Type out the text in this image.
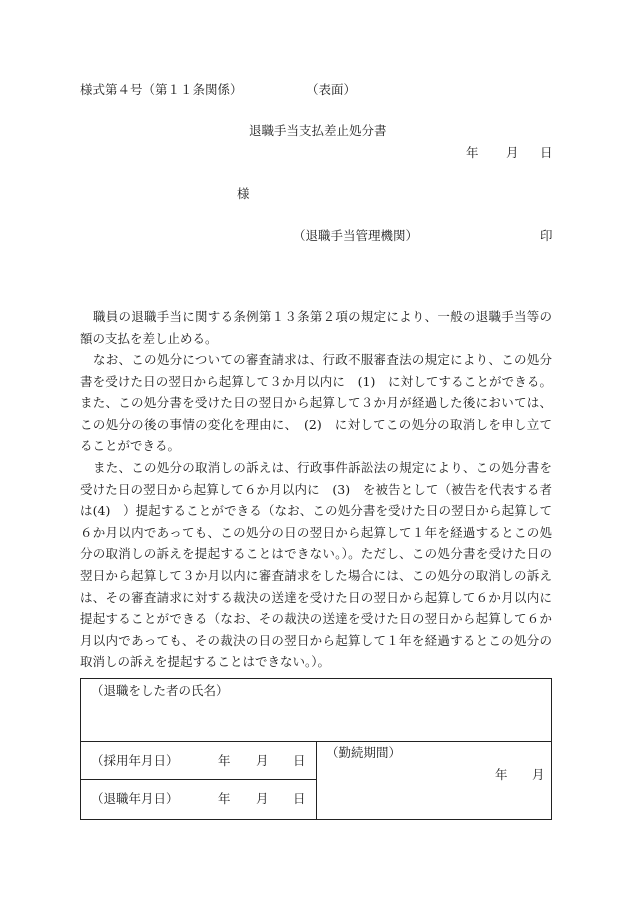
様式第４号（第１１条関係）	（表面）
退職手当支払差止処分書
年 月 日
様
（退職手当管理機関）	印

職員の退職手当に関する条例第１３条第２項の規定により、一般の退職手当等の額の支払を差し止める。

なお、この処分についての審査請求は、行政不服審査法の規定により、この処分書を受けた日の翌日から起算して３か月以内に　(1)　に対してすることができる。また、この処分書を受けた日の翌日から起算して３か月が経過した後においては、この処分の後の事情の変化を理由に、　(2)　に対してこの処分の取消しを申し立てることができる。

また、この処分の取消しの訴えは、行政事件訴訟法の規定により、この処分書を受けた日の翌日から起算して６か月以内に　(3)　を被告として（被告を代表する者は(4)　）提起することができる（なお、この処分書を受けた日の翌日から起算して６か月以内であっても、この処分の日の翌日から起算して１年を経過するとこの処分の取消しの訴えを提起することはできない。）。ただし、この処分書を受けた日の翌日から起算して３か月以内に審査請求をした場合には、この処分の取消しの訴えは、その審査請求に対する裁決の送達を受けた日の翌日から起算して６か月以内に提起することができる（なお、その裁決の送達を受けた日の翌日から起算して６か月以内であっても、その裁決の日の翌日から起算して１年を経過するとこの処分の取消しの訴えを提起することはできない。）。

（退職をした者の氏名）
（採用年月日）	年 月 日
（退職年月日）	年 月 日
（勤続期間）
年 月
